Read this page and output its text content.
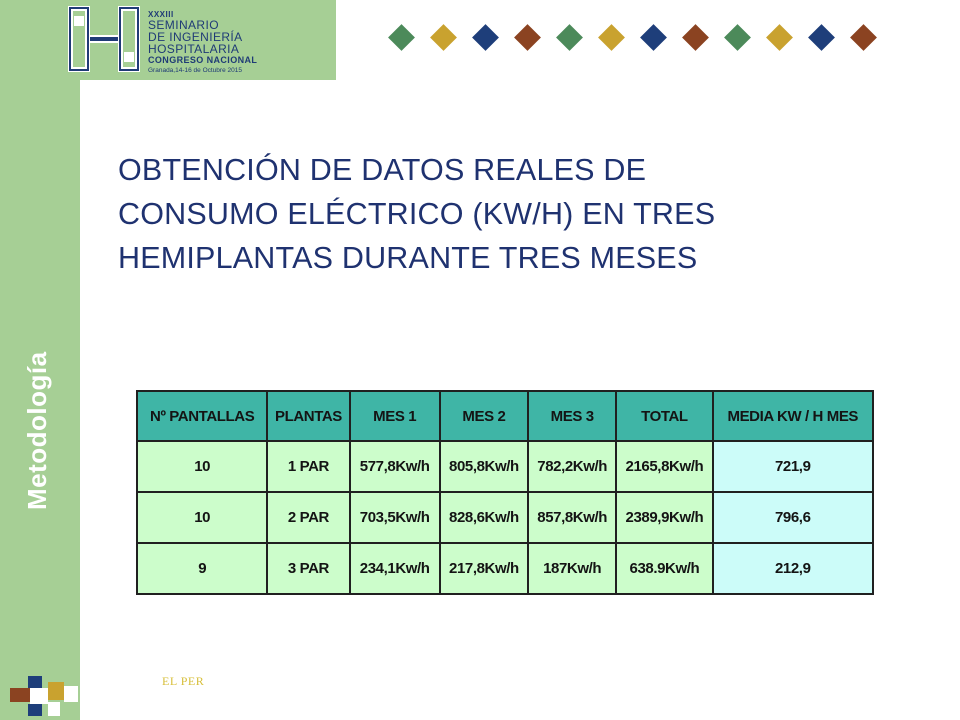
XXXIII
SEMINARIO
DE INGENIERÍA
HOSPITALARIA
CONGRESO NACIONAL
Granada,14-16 de Octubre 2015
Metodología
OBTENCIÓN DE DATOS REALES DE
CONSUMO ELÉCTRICO (KW/H) EN TRES
HEMIPLANTAS DURANTE TRES MESES
Nº PANTALLAS	PLANTAS	MES 1	MES 2	MES 3	TOTAL	MEDIA KW / H MES
10	1 PAR	577,8Kw/h	805,8Kw/h	782,2Kw/h	2165,8Kw/h	721,9
10	2 PAR	703,5Kw/h	828,6Kw/h	857,8Kw/h	2389,9Kw/h	796,6
9	3 PAR	234,1Kw/h	217,8Kw/h	187Kw/h	638.9Kw/h	212,9
EL PER
